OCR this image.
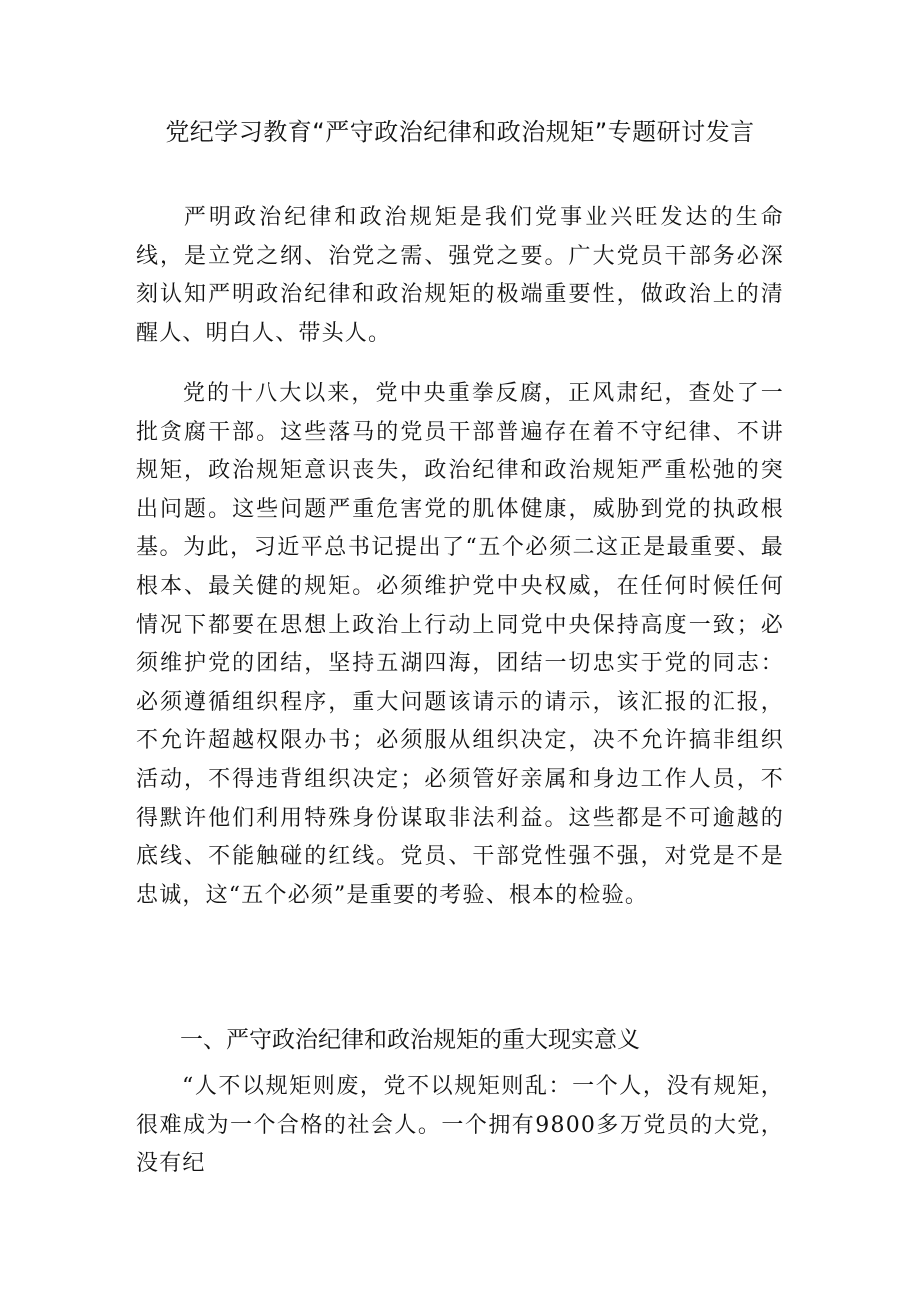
党纪学习教育“严守政治纪律和政治规矩”专题研讨发言

严明政治纪律和政治规矩是我们党事业兴旺发达的生命线，是立党之纲、治党之需、强党之要。广大党员干部务必深刻认知严明政治纪律和政治规矩的极端重要性，做政治上的清醒人、明白人、带头人。

党的十八大以来，党中央重拳反腐，正风肃纪，查处了一批贪腐干部。这些落马的党员干部普遍存在着不守纪律、不讲规矩，政治规矩意识丧失，政治纪律和政治规矩严重松弛的突出问题。这些问题严重危害党的肌体健康，威胁到党的执政根基。为此，习近平总书记提出了“五个必须二这正是最重要、最根本、最关健的规矩。必须维护党中央权威，在任何时候任何情况下都要在思想上政治上行动上同党中央保持高度一致；必须维护党的团结，坚持五湖四海，团结一切忠实于党的同志：必须遵循组织程序，重大问题该请示的请示，该汇报的汇报，不允许超越权限办书；必须服从组织决定，决不允许搞非组织活动，不得违背组织决定；必须管好亲属和身边工作人员，不得默许他们利用特殊身份谋取非法利益。这些都是不可逾越的底线、不能触碰的红线。党员、干部党性强不强，对党是不是忠诚，这“五个必须”是重要的考验、根本的检验。

一、严守政治纪律和政治规矩的重大现实意义

“人不以规矩则废，党不以规矩则乱：一个人，没有规矩，很难成为一个合格的社会人。一个拥有9800多万党员的大党，没有纪
